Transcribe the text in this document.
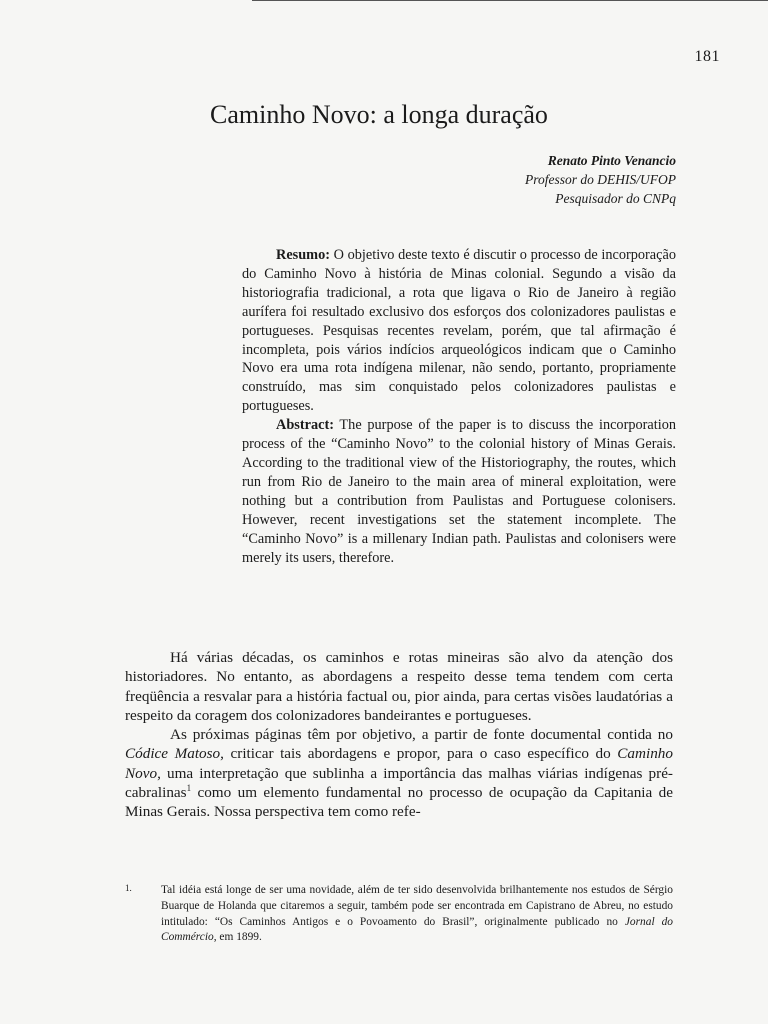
181
Caminho Novo: a longa duração
Renato Pinto Venancio
Professor do DEHIS/UFOP
Pesquisador do CNPq

Resumo: O objetivo deste texto é discutir o processo de incorporação do Caminho Novo à história de Minas colonial. Segundo a visão da historiografia tradicional, a rota que ligava o Rio de Janeiro à região aurífera foi resultado exclusivo dos esforços dos colonizadores paulistas e portugueses. Pesquisas recentes revelam, porém, que tal afirmação é incompleta, pois vários indícios arqueológicos indicam que o Caminho Novo era uma rota indígena milenar, não sendo, portanto, propriamente construído, mas sim conquistado pelos colonizadores paulistas e portugueses.

Abstract: The purpose of the paper is to discuss the incorporation process of the “Caminho Novo” to the colonial history of Minas Gerais. According to the traditional view of the Historiography, the routes, which run from Rio de Janeiro to the main area of mineral exploitation, were nothing but a contribution from Paulistas and Portuguese colonisers. However, recent investigations set the statement incomplete. The “Caminho Novo” is a millenary Indian path. Paulistas and colonisers were merely its users, therefore.

Há várias décadas, os caminhos e rotas mineiras são alvo da atenção dos historiadores. No entanto, as abordagens a respeito desse tema tendem com certa freqüência a resvalar para a história factual ou, pior ainda, para certas visões laudatórias a respeito da coragem dos colonizadores bandeirantes e portugueses.

As próximas páginas têm por objetivo, a partir de fonte documental contida no Códice Matoso, criticar tais abordagens e propor, para o caso específico do Caminho Novo, uma interpretação que sublinha a importância das malhas viárias indígenas pré-cabralinas$^1$ como um elemento fundamental no processo de ocupação da Capitania de Minas Gerais. Nossa perspectiva tem como refe-

1.	Tal idéia está longe de ser uma novidade, além de ter sido desenvolvida brilhantemente nos estudos de Sérgio Buarque de Holanda que citaremos a seguir, também pode ser encontrada em Capistrano de Abreu, no estudo intitulado: “Os Caminhos Antigos e o Povoamento do Brasil”, originalmente publicado no Jornal do Commércio, em 1899.
